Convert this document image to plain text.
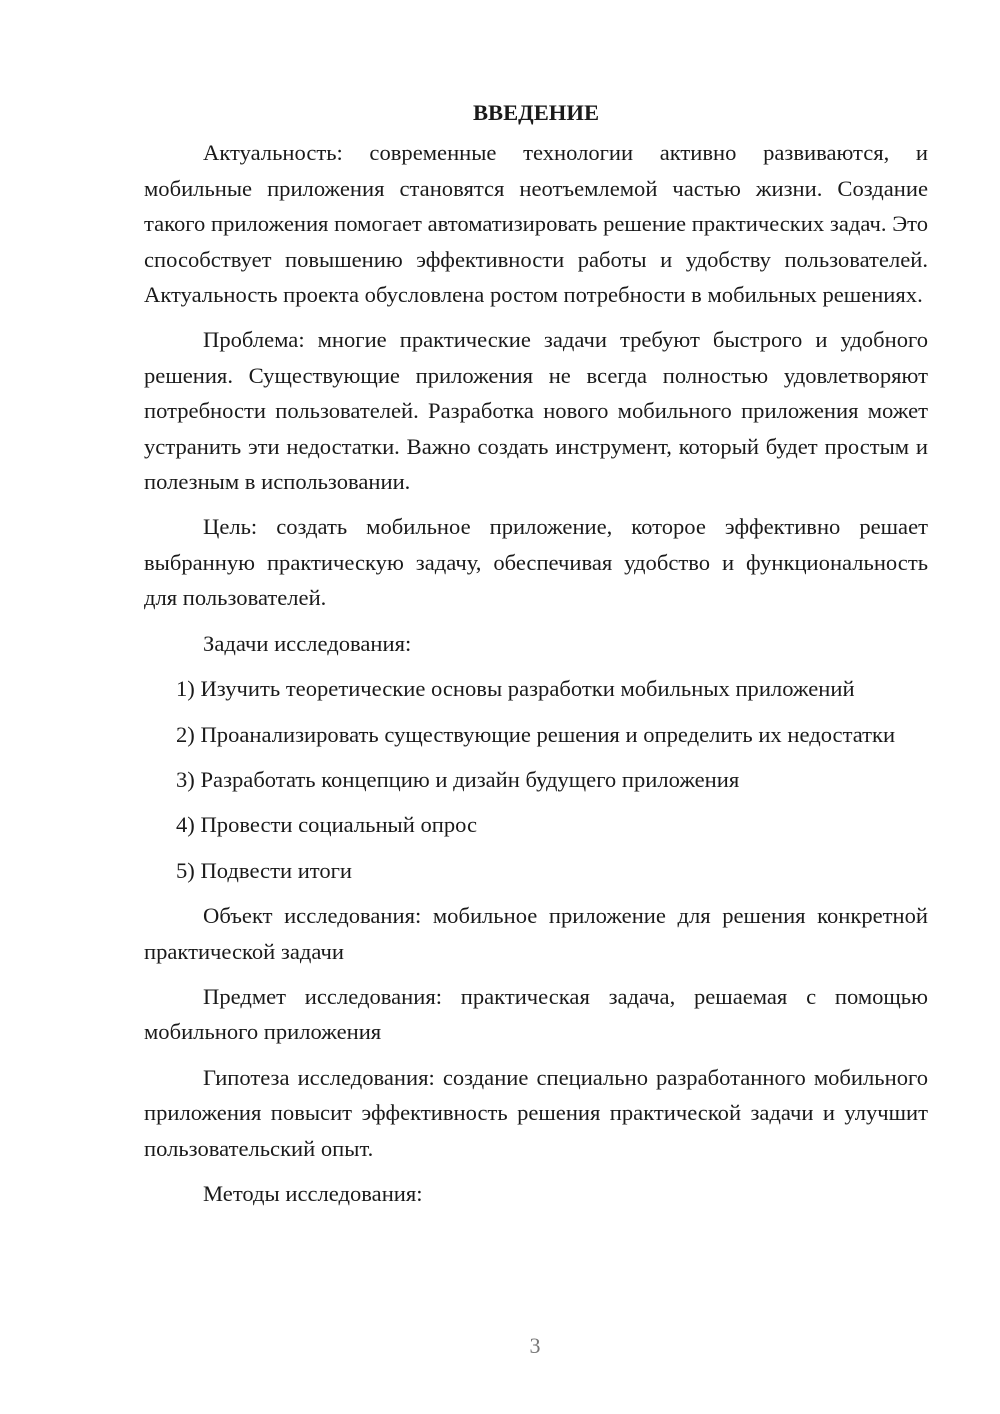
ВВЕДЕНИЕ

Актуальность: современные технологии активно развиваются, и мобильные приложения становятся неотъемлемой частью жизни. Создание такого приложения помогает автоматизировать решение практических задач. Это способствует повышению эффективности работы и удобству пользователей. Актуальность проекта обусловлена ростом потребности в мобильных решениях.

Проблема: многие практические задачи требуют быстрого и удобного решения. Существующие приложения не всегда полностью удовлетворяют потребности пользователей. Разработка нового мобильного приложения может устранить эти недостатки. Важно создать инструмент, который будет простым и полезным в использовании.

Цель: создать мобильное приложение, которое эффективно решает выбранную практическую задачу, обеспечивая удобство и функциональность для пользователей.

Задачи исследования:

1) Изучить теоретические основы разработки мобильных приложений

2) Проанализировать существующие решения и определить их недостатки

3) Разработать концепцию и дизайн будущего приложения

4) Провести социальный опрос

5) Подвести итоги

Объект исследования: мобильное приложение для решения конкретной практической задачи

Предмет исследования: практическая задача, решаемая с помощью мобильного приложения

Гипотеза исследования: создание специально разработанного мобильного приложения повысит эффективность решения практической задачи и улучшит пользовательский опыт.

Методы исследования:

3
